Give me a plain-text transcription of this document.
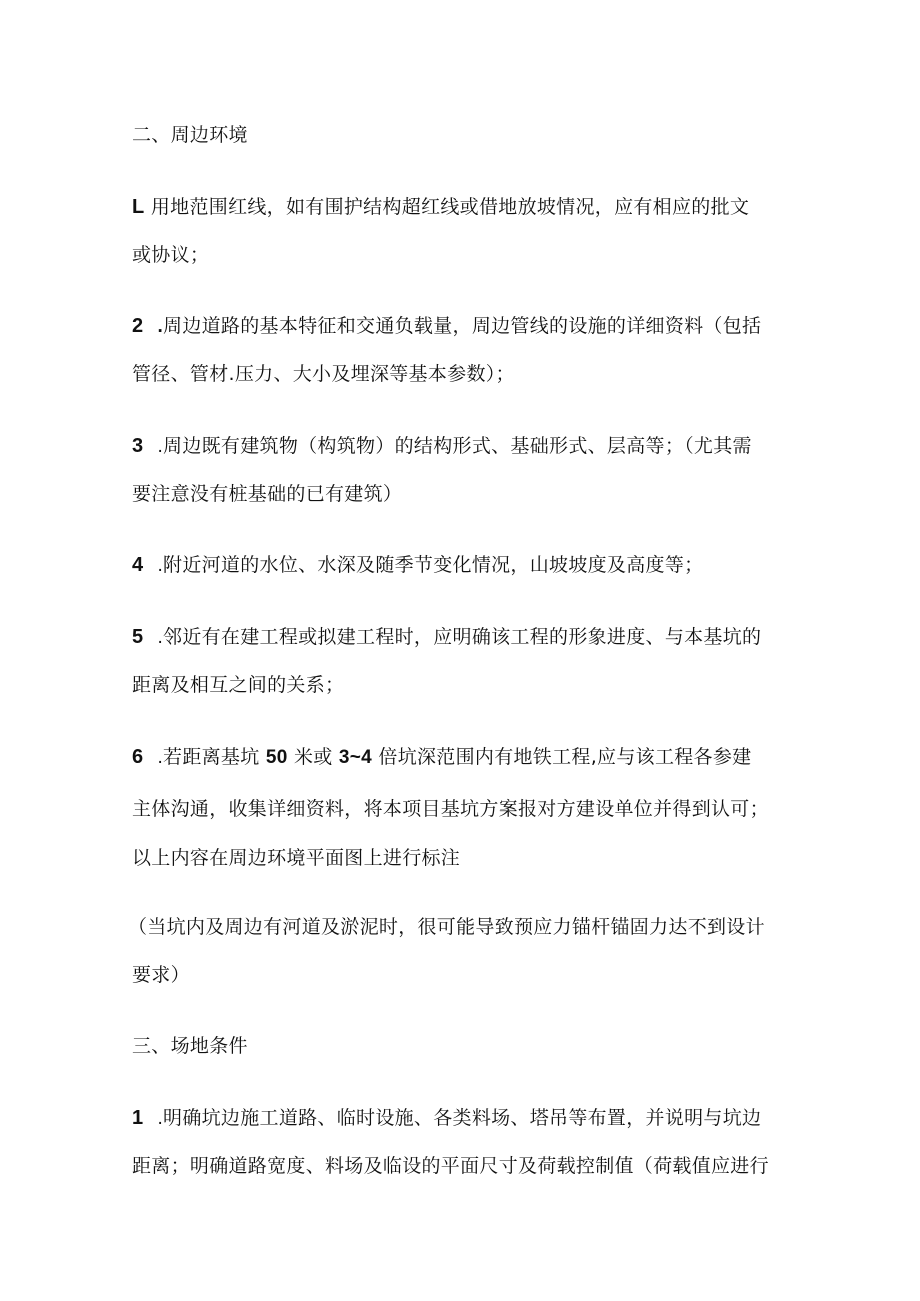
二、周边环境
L 用地范围红线，如有围护结构超红线或借地放坡情况，应有相应的批文
或协议；
2 .周边道路的基本特征和交通负载量，周边管线的设施的详细资料（包括
管径、管材.压力、大小及埋深等基本参数）；
3 .周边既有建筑物（构筑物）的结构形式、基础形式、层高等；（尤其需
要注意没有桩基础的已有建筑）
4 .附近河道的水位、水深及随季节变化情况，山坡坡度及高度等；
5 .邻近有在建工程或拟建工程时，应明确该工程的形象进度、与本基坑的
距离及相互之间的关系；
6 .若距离基坑 50 米或 3~4 倍坑深范围内有地铁工程,应与该工程各参建
主体沟通，收集详细资料，将本项目基坑方案报对方建设单位并得到认可；
以上内容在周边环境平面图上进行标注
（当坑内及周边有河道及淤泥时，很可能导致预应力锚杆锚固力达不到设计
要求）
三、场地条件
1 .明确坑边施工道路、临时设施、各类料场、塔吊等布置，并说明与坑边
距离；明确道路宽度、料场及临设的平面尺寸及荷载控制值（荷载值应进行
